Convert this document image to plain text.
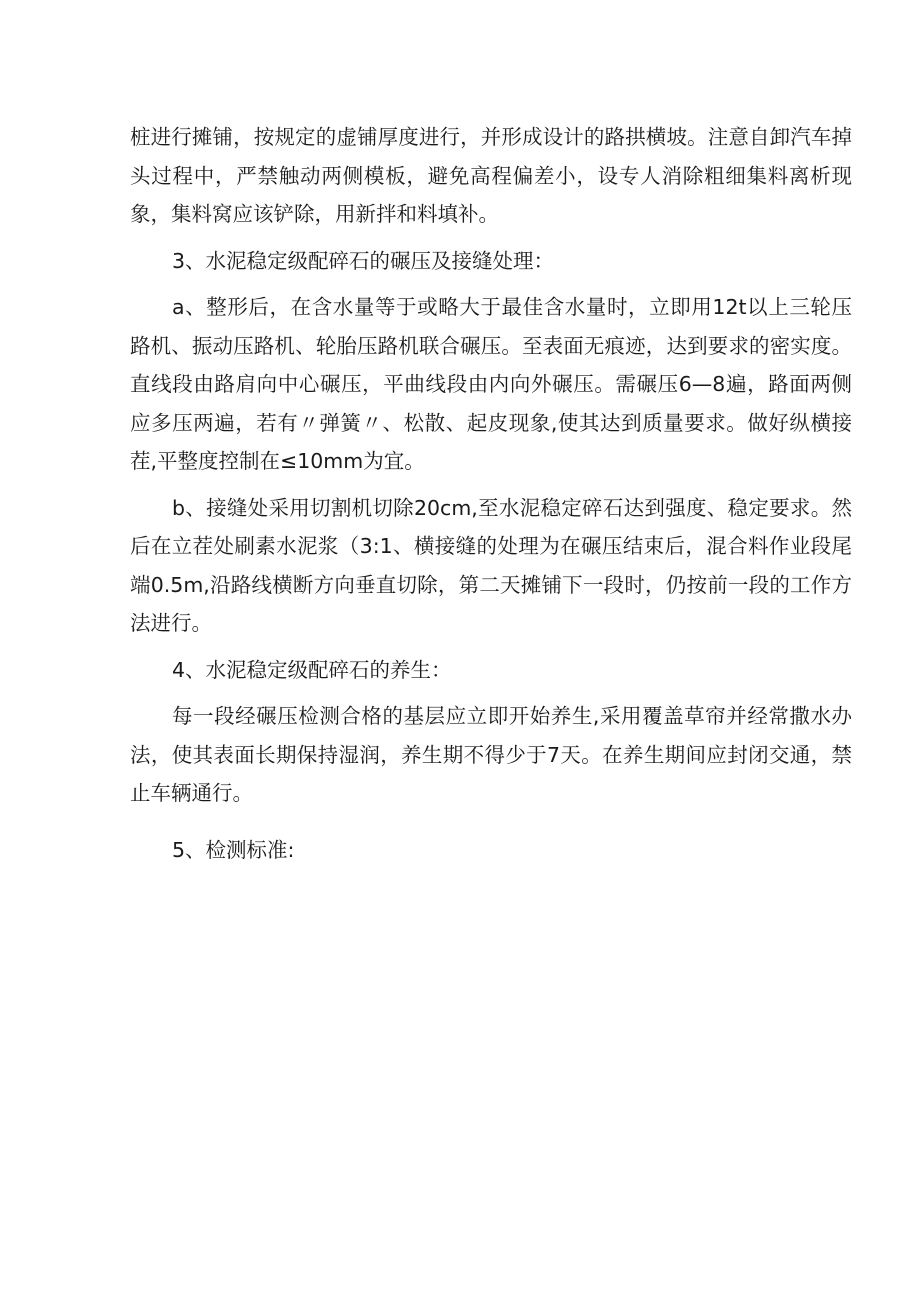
桩进行摊铺，按规定的虚铺厚度进行，并形成设计的路拱横坡。注意自卸汽车掉头过程中，严禁触动两侧模板，避免高程偏差小，设专人消除粗细集料离析现象，集料窝应该铲除，用新拌和料填补。

3、水泥稳定级配碎石的碾压及接缝处理：

a、整形后，在含水量等于或略大于最佳含水量时，立即用12t以上三轮压路机、振动压路机、轮胎压路机联合碾压。至表面无痕迹，达到要求的密实度。直线段由路肩向中心碾压，平曲线段由内向外碾压。需碾压6—8遍，路面两侧应多压两遍，若有〃弹簧〃、松散、起皮现象,使其达到质量要求。做好纵横接茬,平整度控制在≤10mm为宜。

b、接缝处采用切割机切除20cm,至水泥稳定碎石达到强度、稳定要求。然后在立茬处刷素水泥浆（3:1、横接缝的处理为在碾压结束后，混合料作业段尾端0.5m,沿路线横断方向垂直切除，第二天摊铺下一段时，仍按前一段的工作方法进行。

4、水泥稳定级配碎石的养生：

每一段经碾压检测合格的基层应立即开始养生,采用覆盖草帘并经常撒水办法，使其表面长期保持湿润，养生期不得少于7天。在养生期间应封闭交通，禁止车辆通行。

5、检测标准:
